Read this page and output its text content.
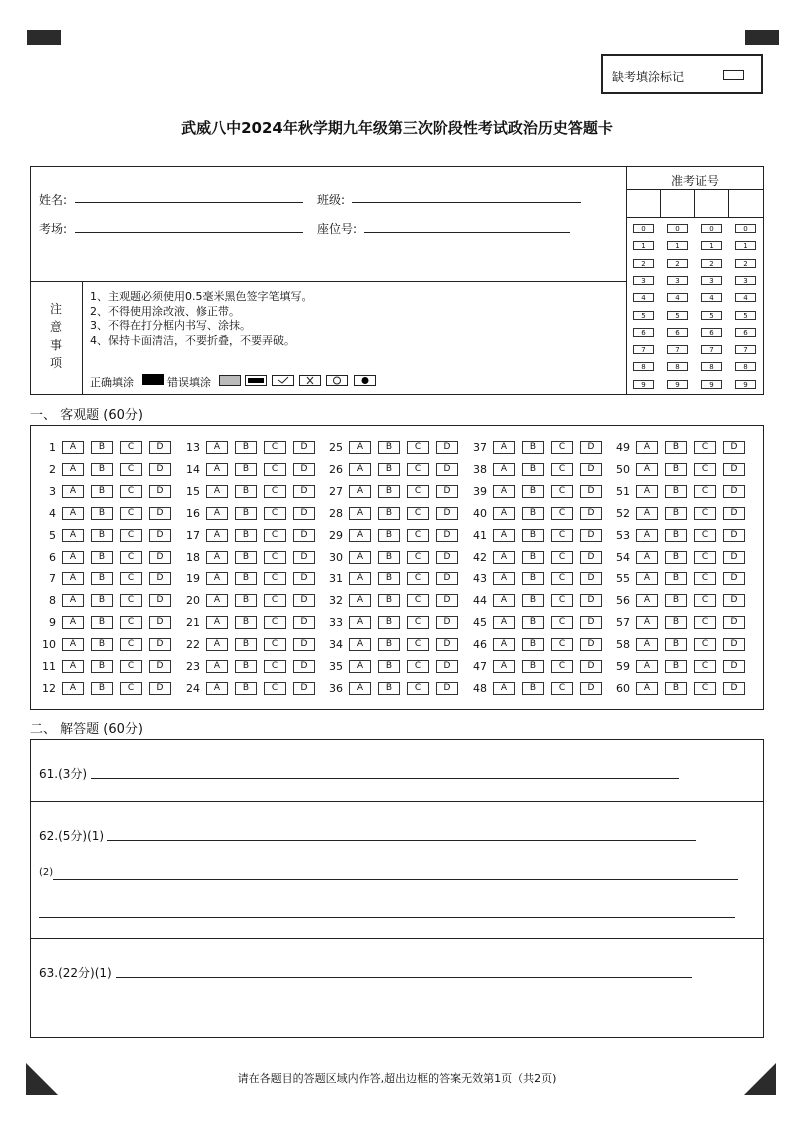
缺考填涂标记
武威八中2024年秋学期九年级第三次阶段性考试政治历史答题卡
姓名:	班级:
考场:	座位号:
注
意
事
项
1、主观题必须使用0.5毫米黑色签字笔填写。
2、不得使用涂改液、修正带。
3、不得在打分框内书写、涂抹。
4、保持卡面清洁，不要折叠，不要弄破。
正确填涂	错误填涂
准考证号
0	0	0	0
1	1	1	1
2	2	2	2
3	3	3	3
4	4	4	4
5	5	5	5
6	6	6	6
7	7	7	7
8	8	8	8
9	9	9	9
一、 客观题 (60分)
1	A	B	C	D
2	A	B	C	D
3	A	B	C	D
4	A	B	C	D
5	A	B	C	D
6	A	B	C	D
7	A	B	C	D
8	A	B	C	D
9	A	B	C	D
10	A	B	C	D
11	A	B	C	D
12	A	B	C	D
13	A	B	C	D
14	A	B	C	D
15	A	B	C	D
16	A	B	C	D
17	A	B	C	D
18	A	B	C	D
19	A	B	C	D
20	A	B	C	D
21	A	B	C	D
22	A	B	C	D
23	A	B	C	D
24	A	B	C	D
25	A	B	C	D
26	A	B	C	D
27	A	B	C	D
28	A	B	C	D
29	A	B	C	D
30	A	B	C	D
31	A	B	C	D
32	A	B	C	D
33	A	B	C	D
34	A	B	C	D
35	A	B	C	D
36	A	B	C	D
37	A	B	C	D
38	A	B	C	D
39	A	B	C	D
40	A	B	C	D
41	A	B	C	D
42	A	B	C	D
43	A	B	C	D
44	A	B	C	D
45	A	B	C	D
46	A	B	C	D
47	A	B	C	D
48	A	B	C	D
49	A	B	C	D
50	A	B	C	D
51	A	B	C	D
52	A	B	C	D
53	A	B	C	D
54	A	B	C	D
55	A	B	C	D
56	A	B	C	D
57	A	B	C	D
58	A	B	C	D
59	A	B	C	D
60	A	B	C	D
二、 解答题 (60分)
61.(3分)
62.(5分)(1)
(2)
63.(22分)(1)
请在各题目的答题区域内作答,超出边框的答案无效第1页（共2页)
